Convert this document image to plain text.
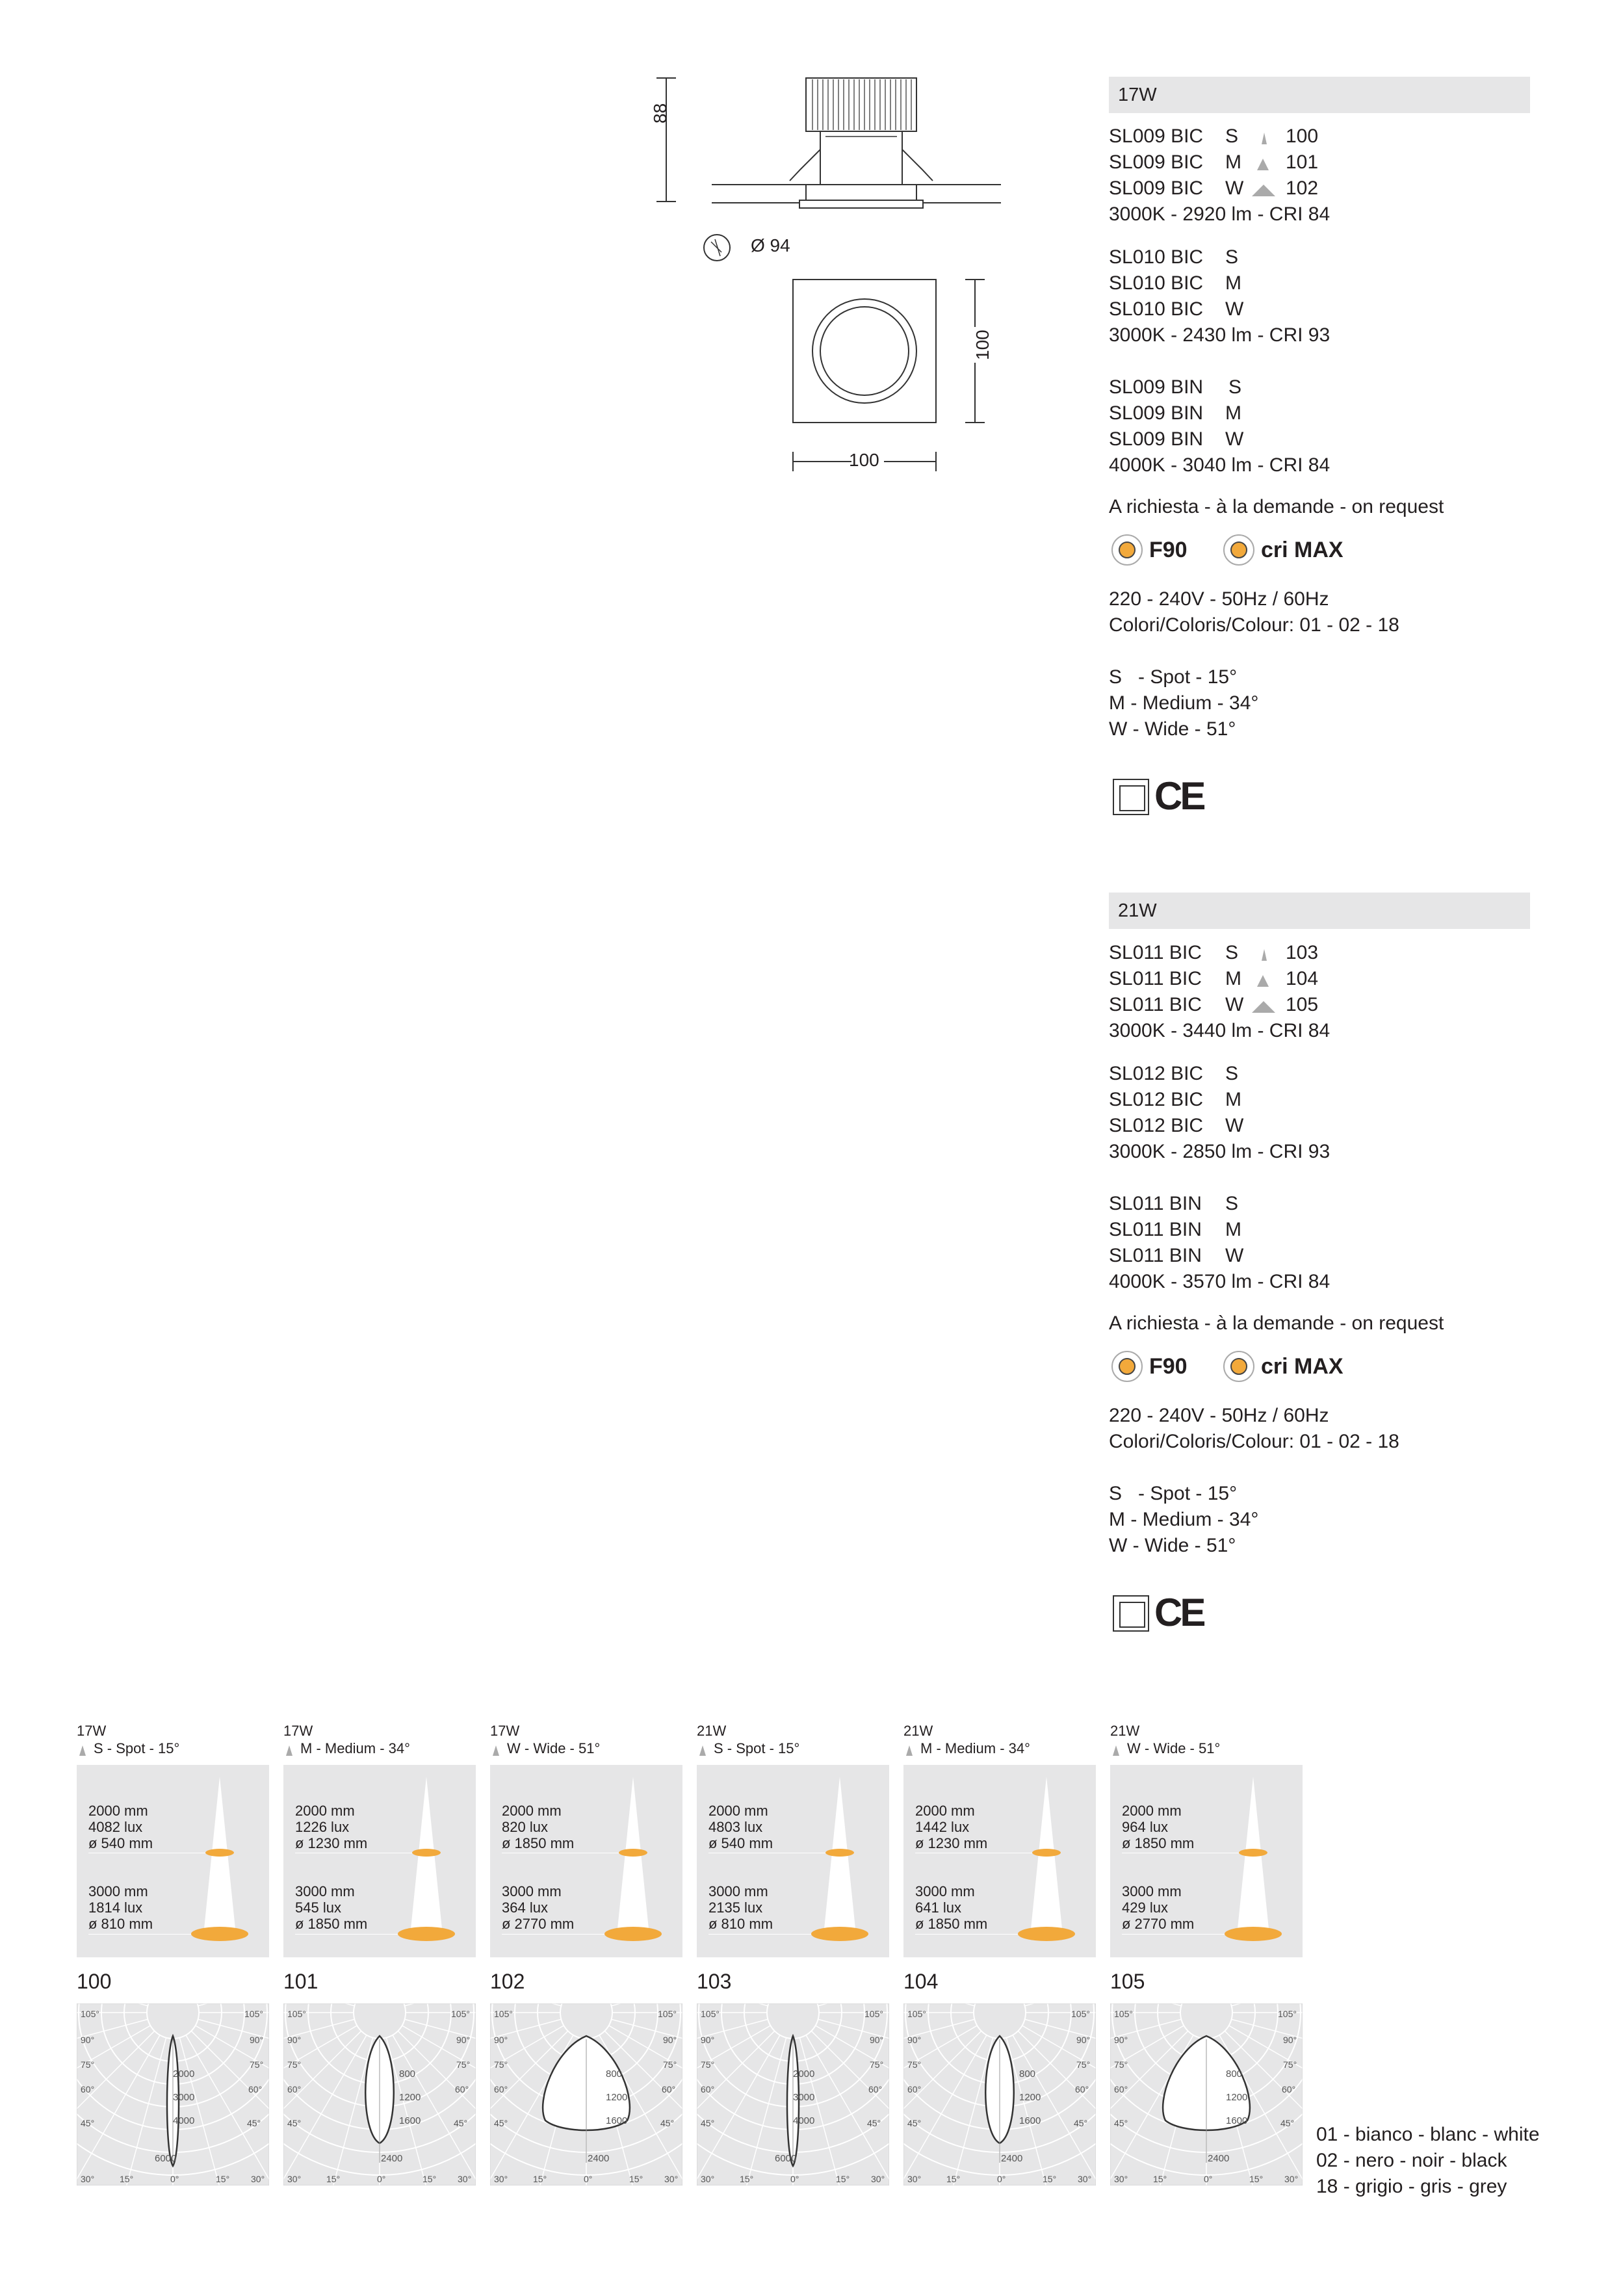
88
Ø 94
100
100
17W
SL009 BIC S 100
SL009 BIC M 101
SL009 BIC W 102
3000K - 2920 lm - CRI 84
SL010 BIC S
SL010 BIC M
SL010 BIC W
3000K - 2430 lm - CRI 93
SL009 BIN S
SL009 BIN M
SL009 BIN W
4000K - 3040 lm - CRI 84
A richiesta - à la demande - on request
F90	cri MAX
220 - 240V - 50Hz / 60Hz
Colori/Coloris/Colour: 01 - 02 - 18
S   - Spot - 15°
M - Medium - 34°
W - Wide - 51°
CE
21W
SL011 BIC S 103
SL011 BIC M 104
SL011 BIC W 105
3000K - 3440 lm - CRI 84
SL012 BIC S
SL012 BIC M
SL012 BIC W
3000K - 2850 lm - CRI 93
SL011 BIN S
SL011 BIN M
SL011 BIN W
4000K - 3570 lm - CRI 84
A richiesta - à la demande - on request
F90	cri MAX
220 - 240V - 50Hz / 60Hz
Colori/Coloris/Colour: 01 - 02 - 18
S   - Spot - 15°
M - Medium - 34°
W - Wide - 51°
CE
17W
S - Spot - 15°
2000 mm
4082 lux
ø 540 mm
3000 mm
1814 lux
ø 810 mm
100
105°	105°
90°	90°
75°	75°
60°	60°
45°	45°
30°	30°
15°	15°
0°
2000
3000
4000
6000
17W
M - Medium - 34°
2000 mm
1226 lux
ø 1230 mm
3000 mm
545 lux
ø 1850 mm
101
105°	105°
90°	90°
75°	75°
60°	60°
45°	45°
30°	30°
15°	15°
0°
800
1200
1600
2400
17W
W - Wide - 51°
2000 mm
820 lux
ø 1850 mm
3000 mm
364 lux
ø 2770 mm
102
105°	105°
90°	90°
75°	75°
60°	60°
45°	45°
30°	30°
15°	15°
0°
800
1200
1600
2400
21W
S - Spot - 15°
2000 mm
4803 lux
ø 540 mm
3000 mm
2135 lux
ø 810 mm
103
105°	105°
90°	90°
75°	75°
60°	60°
45°	45°
30°	30°
15°	15°
0°
2000
3000
4000
6000
21W
M - Medium - 34°
2000 mm
1442 lux
ø 1230 mm
3000 mm
641 lux
ø 1850 mm
104
105°	105°
90°	90°
75°	75°
60°	60°
45°	45°
30°	30°
15°	15°
0°
800
1200
1600
2400
21W
W - Wide - 51°
2000 mm
964 lux
ø 1850 mm
3000 mm
429 lux
ø 2770 mm
105
105°	105°
90°	90°
75°	75°
60°	60°
45°	45°
30°	30°
15°	15°
0°
800
1200
1600
2400
01 - bianco - blanc - white
02 - nero - noir - black
18 - grigio - gris - grey
